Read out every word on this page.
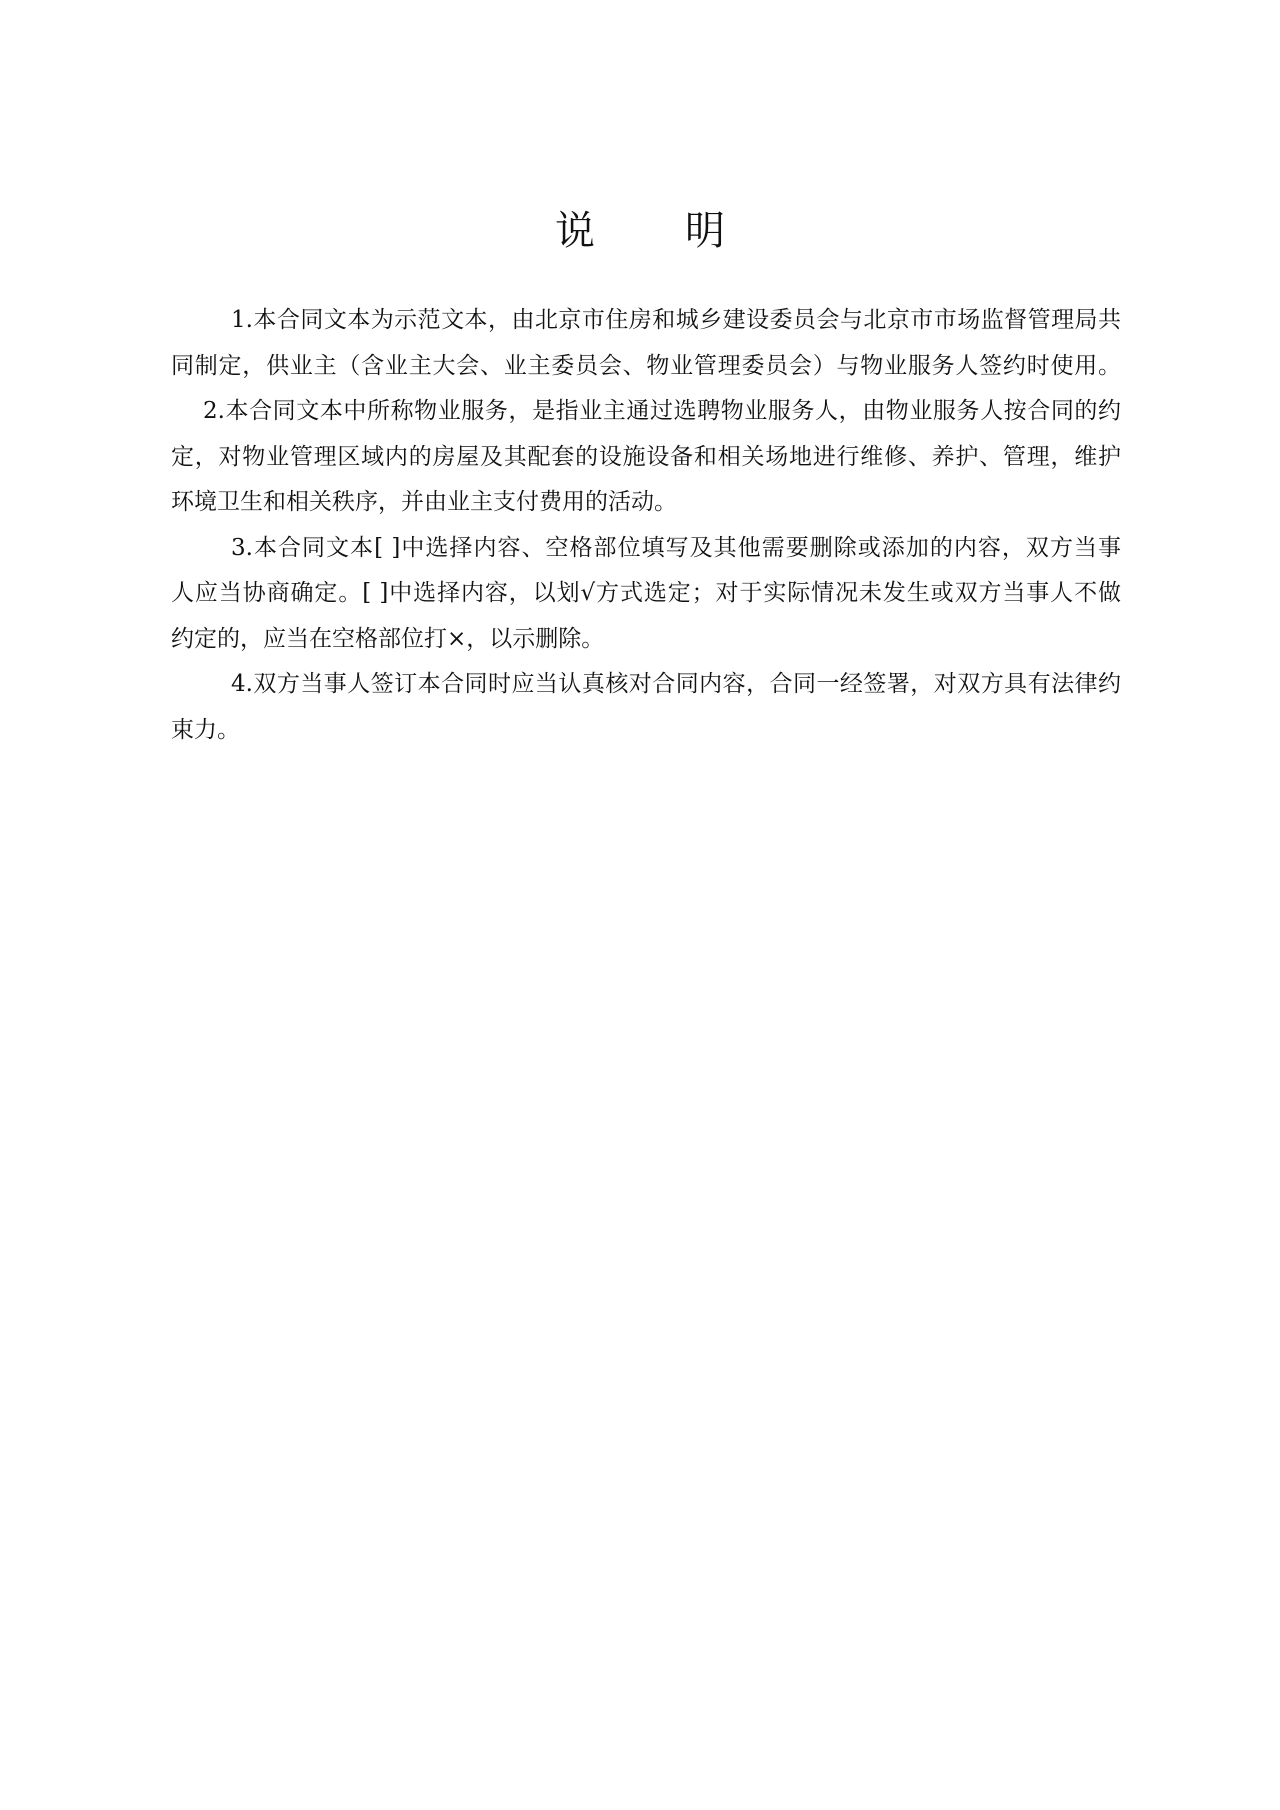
说 明
1.本合同文本为示范文本，由北京市住房和城乡建设委员会与北京市市场监督管理局共
同制定，供业主（含业主大会、业主委员会、物业管理委员会）与物业服务人签约时使用。
2.本合同文本中所称物业服务，是指业主通过选聘物业服务人，由物业服务人按合同的约
定，对物业管理区域内的房屋及其配套的设施设备和相关场地进行维修、养护、管理，维护
环境卫生和相关秩序，并由业主支付费用的活动。
3.本合同文本[ ]中选择内容、空格部位填写及其他需要删除或添加的内容，双方当事
人应当协商确定。[ ]中选择内容，以划√方式选定；对于实际情况未发生或双方当事人不做
约定的，应当在空格部位打×，以示删除。
4.双方当事人签订本合同时应当认真核对合同内容，合同一经签署，对双方具有法律约
束力。
